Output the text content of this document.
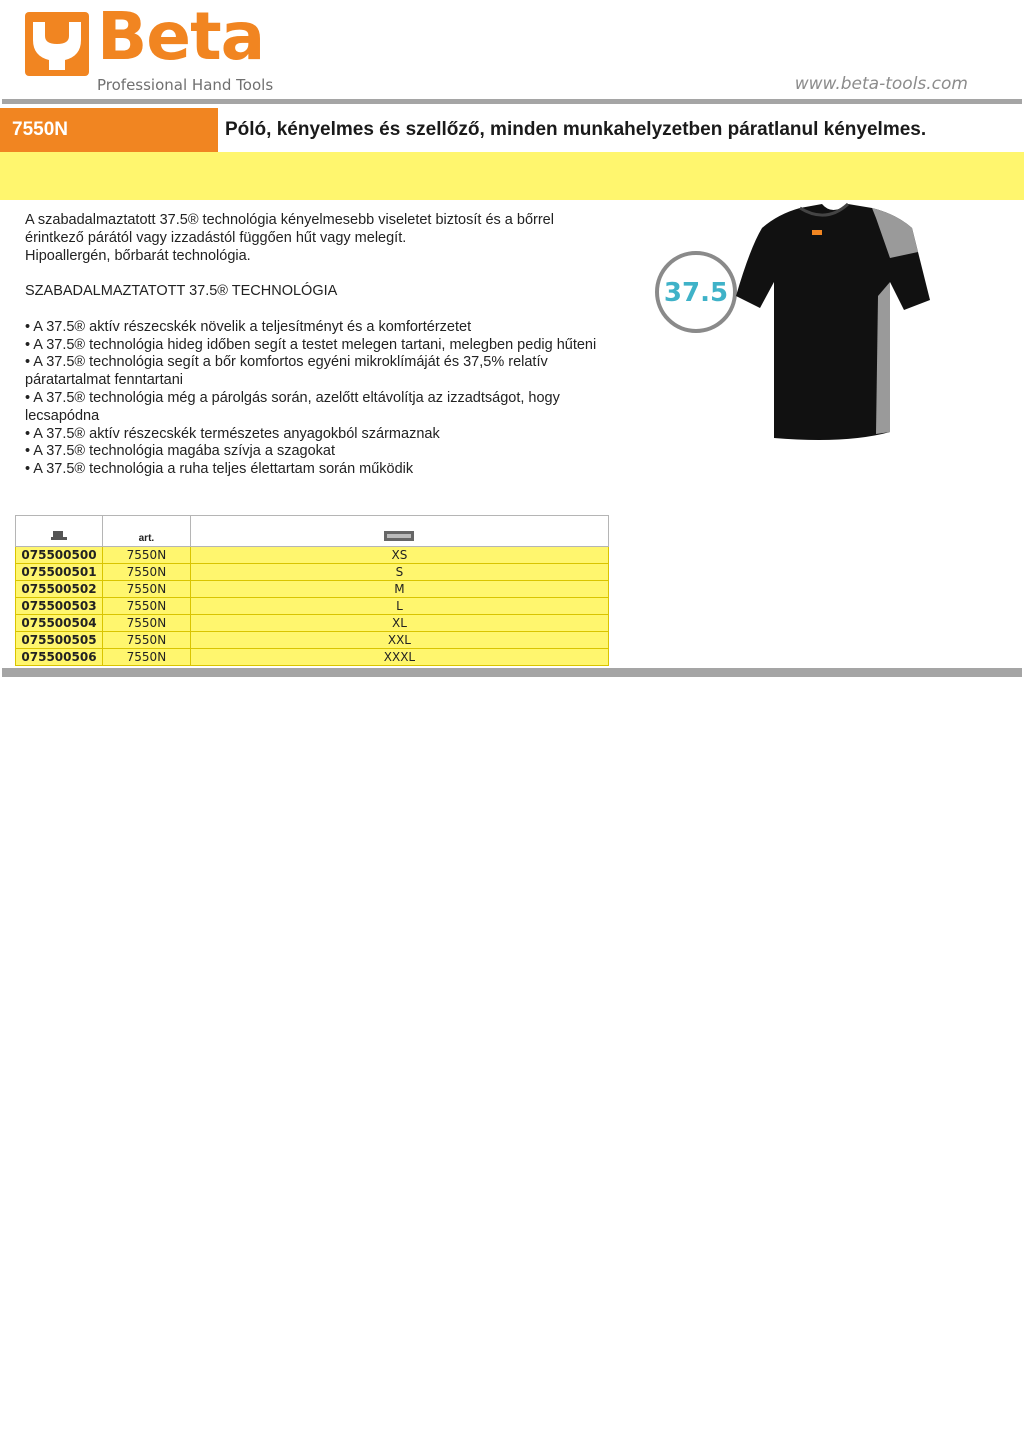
Beta
Professional Hand Tools	www.beta-tools.com
7550N	Póló, kényelmes és szellőző, minden munkahelyzetben páratlanul kényelmes.

A szabadalmaztatott 37.5® technológia kényelmesebb viseletet biztosít és a bőrrel érintkező párától vagy izzadástól függően hűt vagy melegít.

Hipoallergén, bőrbarát technológia.

SZABADALMAZTATOTT 37.5® TECHNOLÓGIA

• A 37.5® aktív részecskék növelik a teljesítményt és a komfortérzetet

• A 37.5® technológia hideg időben segít a testet melegen tartani, melegben pedig hűteni

• A 37.5® technológia segít a bőr komfortos egyéni mikroklímáját és 37,5% relatív páratartalmat fenntartani

• A 37.5® technológia még a párolgás során, azelőtt eltávolítja az izzadtságot, hogy lecsapódna

• A 37.5® aktív részecskék természetes anyagokból származnak

• A 37.5® technológia magába szívja a szagokat

• A 37.5® technológia a ruha teljes élettartam során működik

37.5
	art.	
075500500	7550N	XS
075500501	7550N	S
075500502	7550N	M
075500503	7550N	L
075500504	7550N	XL
075500505	7550N	XXL
075500506	7550N	XXXL
